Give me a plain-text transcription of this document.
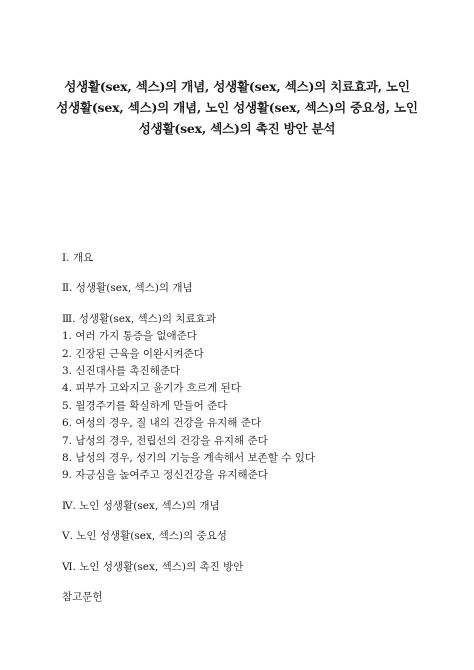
성생활(sex, 섹스)의 개념, 성생활(sex, 섹스)의 치료효과, 노인
성생활(sex, 섹스)의 개념, 노인 성생활(sex, 섹스)의 중요성, 노인
성생활(sex, 섹스)의 촉진 방안 분석
Ⅰ. 개요
Ⅱ. 성생활(sex, 섹스)의 개념
Ⅲ. 성생활(sex, 섹스)의 치료효과
1. 여러 가지 통증을 없애준다
2. 긴장된 근육을 이완시켜준다
3. 신진대사를 촉진해준다
4. 피부가 고와지고 윤기가 흐르게 된다
5. 월경주기를 확실하게 만들어 준다
6. 여성의 경우, 질 내의 건강을 유지해 준다
7. 남성의 경우, 전립선의 건강을 유지해 준다
8. 남성의 경우, 성기의 기능을 계속해서 보존할 수 있다
9. 자긍심을 높여주고 정신건강을 유지해준다
Ⅳ. 노인 성생활(sex, 섹스)의 개념
Ⅴ. 노인 성생활(sex, 섹스)의 중요성
Ⅵ. 노인 성생활(sex, 섹스)의 촉진 방안
참고문헌
